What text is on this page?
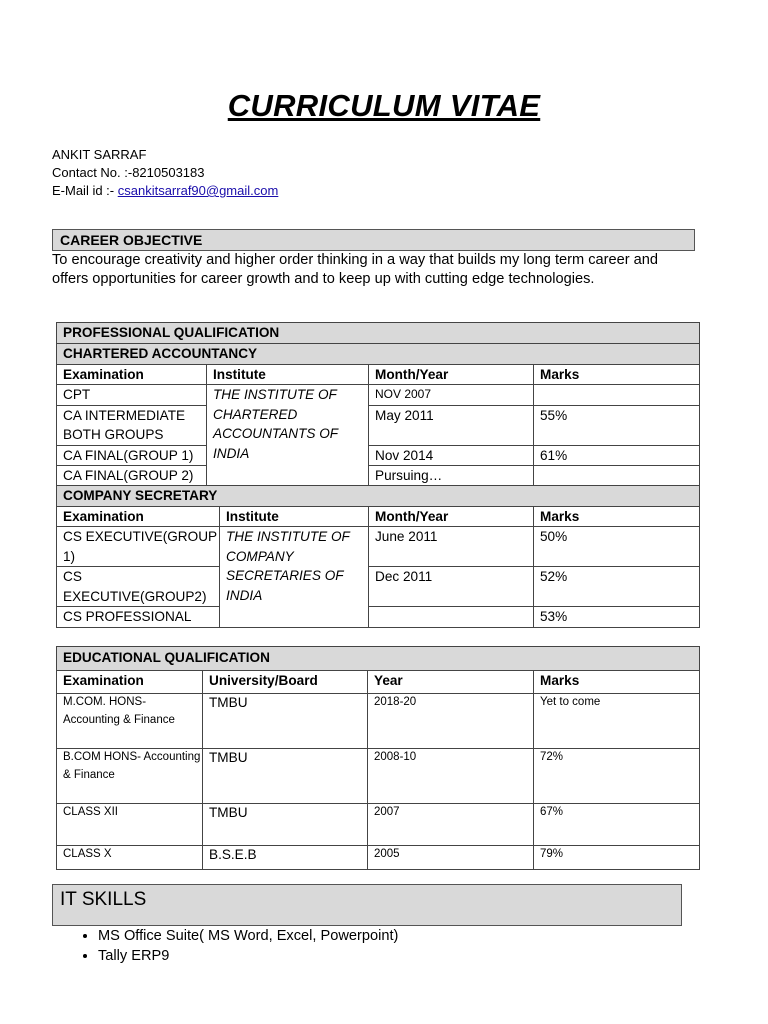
CURRICULUM VITAE
ANKIT SARRAF
Contact No. :-8210503183
E-Mail id :- csankitsarraf90@gmail.com
CAREER OBJECTIVE
To encourage creativity and higher order thinking in a way that builds my long term career and offers opportunities for career growth and to keep up with cutting edge technologies.
PROFESSIONAL QUALIFICATION			
CHARTERED ACCOUNTANCY			
Examination	Institute	Month/Year	Marks
CPT	THE INSTITUTE OF CHARTERED ACCOUNTANTS OF INDIA	NOV 2007	
CA INTERMEDIATE BOTH GROUPS		May 2011	55%
CA FINAL(GROUP 1)		Nov 2014	61%
CA FINAL(GROUP 2)		Pursuing…	
COMPANY SECRETARY			
Examination	Institute	Month/Year	Marks
CS EXECUTIVE(GROUP 1)	THE INSTITUTE OF COMPANY SECRETARIES OF INDIA	June 2011	50%
CS EXECUTIVE(GROUP2)		Dec 2011	52%
CS PROFESSIONAL			53%
EDUCATIONAL QUALIFICATION			
Examination	University/Board	Year	Marks
M.COM. HONS- Accounting & Finance	TMBU	2018-20	Yet to come
B.COM HONS- Accounting & Finance	TMBU	2008-10	72%
CLASS XII	TMBU	2007	67%
CLASS X	B.S.E.B	2005	79%
IT SKILLS
• MS Office Suite( MS Word, Excel, Powerpoint)
• Tally ERP9
